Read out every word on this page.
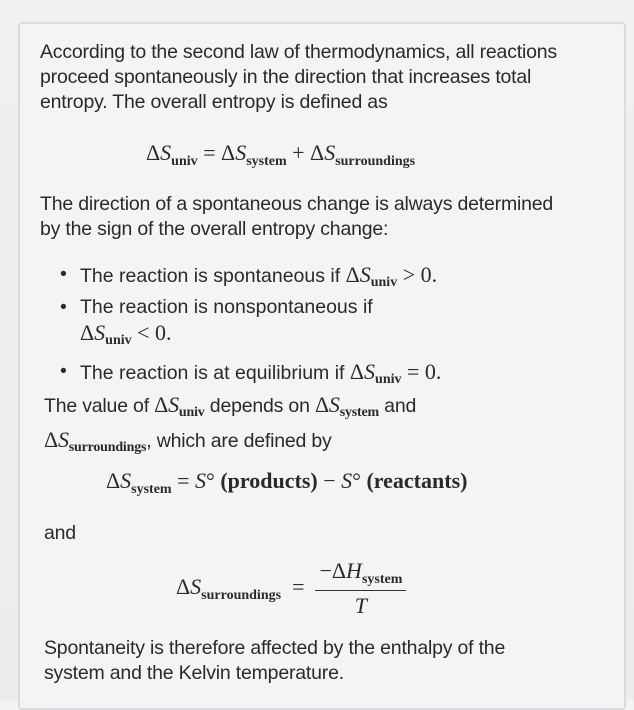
According to the second law of thermodynamics, all reactions
proceed spontaneously in the direction that increases total
entropy. The overall entropy is defined as
$\Delta S_{univ} = \Delta S_{system} + \Delta S_{surroundings}$
The direction of a spontaneous change is always determined
by the sign of the overall entropy change:
• The reaction is spontaneous if $\Delta S_{univ} > 0$.
• The reaction is nonspontaneous if
$\Delta S_{univ} < 0$.
• The reaction is at equilibrium if $\Delta S_{univ} = 0$.
The value of $\Delta S_{univ}$ depends on $\Delta S_{system}$ and
$\Delta S_{surroundings}$, which are defined by
$\Delta S_{system} = S^\circ$ (products) − S° (reactants)
and
$\Delta S_{surroundings} = \frac{-\Delta H_{system}}{T}$
Spontaneity is therefore affected by the enthalpy of the
system and the Kelvin temperature.
